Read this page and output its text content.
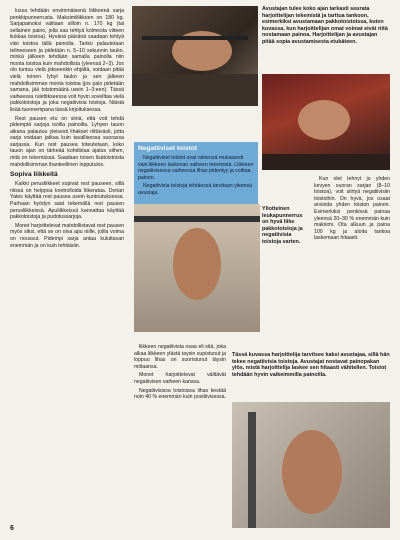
lussa tehdään ensimmäisenä liikkeenä sarja penkkipunnerrusta. Maksimiliikkeen on 180 kg. Sarjapainoksi valitaan silloin n. 170 kg (tai sellainen paino, jolla saa tehtyä kolmesta viiteen liukkaa toistoa). Hyvänä päivänä saadaan tehtyä viisi toistoa tällä painolla. Tanko palautetaan telineeseen ja pidetään n. 5–10 sekunnin tauko, minkä jälkeen tehdään samalla painolla niin monta toistoa kuin mahdollista (yleensä 2–3). Jos olo tuntuu vielä jokseenkin ehjältä, voidaan pitää vielä toinen lyhyt tauko ja sen jälkeen mahdollisimman monta toistoa (jos palo pidetään samana, jää toistomäärä usein 1–3:een). Tässä vaiheessa rulettikseessa voit hyvin sovelltaa vielä pakkotoistoja ja joka negatiivisia toistoja. Näistä lisää tuonnempana tässä kirjoituksessa.

Rest pausen etu on siinä, että voit tehdä pidempiä sarjoja isoilla painoilla. Lyhyen tauon aikana palautuu yleisesti lihakset riittävästi, jotta sarja voidaan jatkaa kuin tavallisessa suorassa sarjassa. Kun rest pausea toteutetaan, koko tauon ajan on tärkeää kohdistaa ajatus siihen, mitä on tekemässä. Saadaan toisen lisätoistoista mahdollisimman ihanteellinen lopputulos.

Sopiva liikkeitä

Kaikki perusliikkeet sopivat rest pauseen, sillä niissä on helppoa kontrolloida liikerataa. Dorian Yates käyttää rest pausea usein kuntoutuksessa. Parhaan hyödyn saat tekemällä rest pausen perusliikkeissä. Apuliikkeissä kannattaa käyttää pakkotoistoja ja pudotussarjoja.

Monet harjoittelevat mahdollistavat rest pausen myös siksi, että se on oiva apu niille, joilla voima on noussut. Pidempi sarja antaa kuluttavan enemmän ja on kuin tehtäisiin.

Avustajan tulee koko ajan tarkasti seurata harjoittelijan tekemistä ja tarttua tankoon, esimerkiksi avustamaan pakkotoistoissa, kuten kuvassa, kun harjoittelijan omat voimat eivät riitä nostamaan painoa. Harjoittelijan ja avustajan pitää sopia avustamisesta etukäteen.

Negatiiviset toistot

Negatiiviset toistot ovat nimensä mukaisesti vain liikkeen laskevan vaiheen tekemistä. Liikkeen negatiivisessa vaiheessa lihas pidentyy ja voittaa painon.

Negatiivisia toistoja tehtäessä tarvitaan yleensä avustaja.

Yliotteinen leukapunnerrus on hyvä liike pakkotoistoja ja negatiivisia toistoja varten.

Kun olet tehnyt jo yhden kevyen suoran sarjan (8–10 toistoa), voit siirtyä negatiivisiin toistoihin. On hyvä, jos osaat arvioida yhden toiston painon. Esimerkiksi penkissä painaa yleensä 20–30 % enemmän kuin maksimi. Ota alkuun ja paina 100 kg ja aloita tankoa laskemaan hitaasti.

Tässä kuvassa harjoittelija tarvitsee kaksi avustajaa, sillä hän tekee negatiivisia toistoja. Avustajat nostavat painopakan ylös, mistä harjoittelija laskee sen hitaasti vähitellen. Toistot tehdään hyvin vaikeimmilla painoilla.

liikkeen negatiivista osaa eli sitä, joka alkaa liikkeen ylästä taysin supistunut ja loppuu lihas on suoristunut täysin mittaansa.

Monet harjoittelevat välitävät negatiivisen vaiheen kanssa.

Negatiivisissa toistoissa lihas kestää noin 40 % enemmän kuin positiivisessa.

6
